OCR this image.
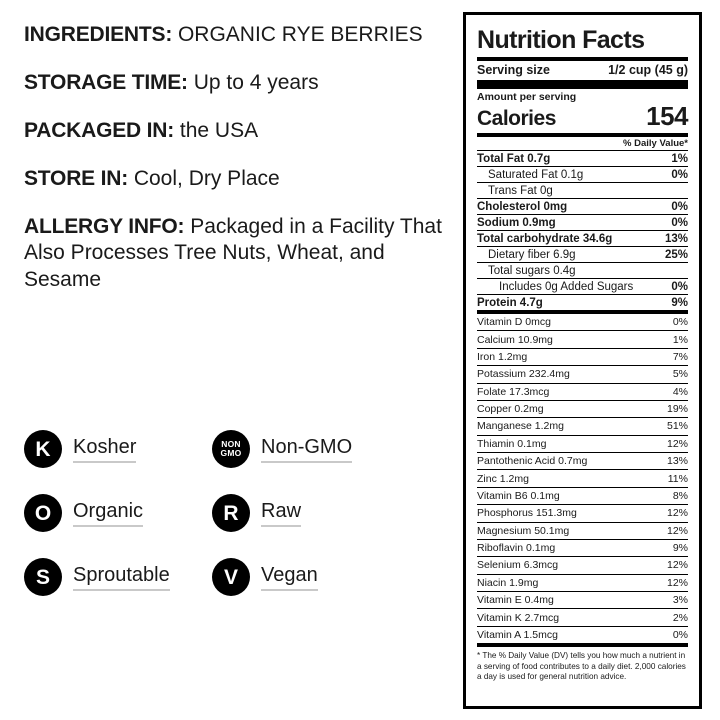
INGREDIENTS: ORGANIC RYE BERRIES
STORAGE TIME: Up to 4 years
PACKAGED IN: the USA
STORE IN: Cool, Dry Place
ALLERGY INFO: Packaged in a Facility That Also Processes Tree Nuts, Wheat, and Sesame
K Kosher	NON
GMO Non-GMO
O Organic	R Raw
S Sproutable	V Vegan
Nutrition Facts
Serving size	1/2 cup (45 g)
Amount per serving
Calories	154
% Daily Value*
Total Fat 0.7g	1%
Saturated Fat 0.1g	0%
Trans Fat 0g
Cholesterol 0mg	0%
Sodium 0.9mg	0%
Total carbohydrate 34.6g	13%
Dietary fiber 6.9g	25%
Total sugars 0.4g
Includes 0g Added Sugars	0%
Protein 4.7g	9%
Vitamin D 0mcg	0%
Calcium 10.9mg	1%
Iron 1.2mg	7%
Potassium 232.4mg	5%
Folate 17.3mcg	4%
Copper 0.2mg	19%
Manganese 1.2mg	51%
Thiamin 0.1mg	12%
Pantothenic Acid 0.7mg	13%
Zinc 1.2mg	11%
Vitamin B6 0.1mg	8%
Phosphorus 151.3mg	12%
Magnesium 50.1mg	12%
Riboflavin 0.1mg	9%
Selenium 6.3mcg	12%
Niacin 1.9mg	12%
Vitamin E 0.4mg	3%
Vitamin K 2.7mcg	2%
Vitamin A 1.5mcg	0%
* The % Daily Value (DV) tells you how much a nutrient in a serving of food contributes to a daily diet. 2,000 calories a day is used for general nutrition advice.
